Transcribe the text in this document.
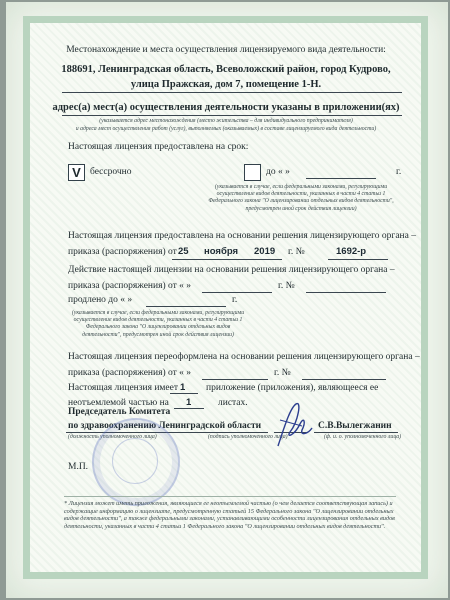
Местонахождение и места осуществления лицензируемого вида деятельности:
188691, Ленинградская область, Всеволожский район, город Кудрово,
улица Пражская, дом 7, помещение 1-Н.
адрес(а) мест(а) осуществления деятельности указаны в приложении(ях)
(указывается адрес местонахождения (место жительства – для индивидуального предпринимателя)
и адреса мест осуществления работ (услуг), выполняемых (оказываемых) в составе лицензируемого вида деятельности)
Настоящая лицензия предоставлена на срок:
V бессрочно	до « »	г.
(указывается в случае, если федеральными законами, регулирующими осуществление видов деятельности, указанных в части 4 статьи 1 Федерального закона "О лицензировании отдельных видов деятельности", предусмотрен иной срок действия лицензии)
Настоящая лицензия предоставлена на основании решения лицензирующего органа –
приказа (распоряжения) от 25 ноября 2019 г. №	1692-р
Действие настоящей лицензии на основании решения лицензирующего органа –
приказа (распоряжения) от « »	г. №
продлено до « »	г.
(указывается в случае, если федеральными законами, регулирующими осуществление видов деятельности, указанных в части 4 статьи 1 Федерального закона "О лицензировании отдельных видов деятельности", предусмотрен иной срок действия лицензии)
Настоящая лицензия переоформлена на основании решения лицензирующего органа –
приказа (распоряжения) от « »	г. №
Настоящая лицензия имеет 1 приложение (приложения), являющееся ее
неотъемлемой частью на 1	листах.
Председатель Комитета
по здравоохранению Ленинградской области	С.В.Вылегжанин
(должность уполномоченного лица)	(подпись уполномоченного лица)	(ф. и. о. уполномоченного лица)
М.П.
* Лицензия может иметь приложения, являющиеся ее неотъемлемой частью (о чем делается соответствующая запись) и содержащие информацию о лицензиате, предусмотренную статьей 15 Федерального закона "О лицензировании отдельных видов деятельности", а также федеральными законами, устанавливающими особенности лицензирования отдельных видов деятельности, указанных в части 4 статьи 1 Федерального закона "О лицензировании отдельных видов деятельности".
